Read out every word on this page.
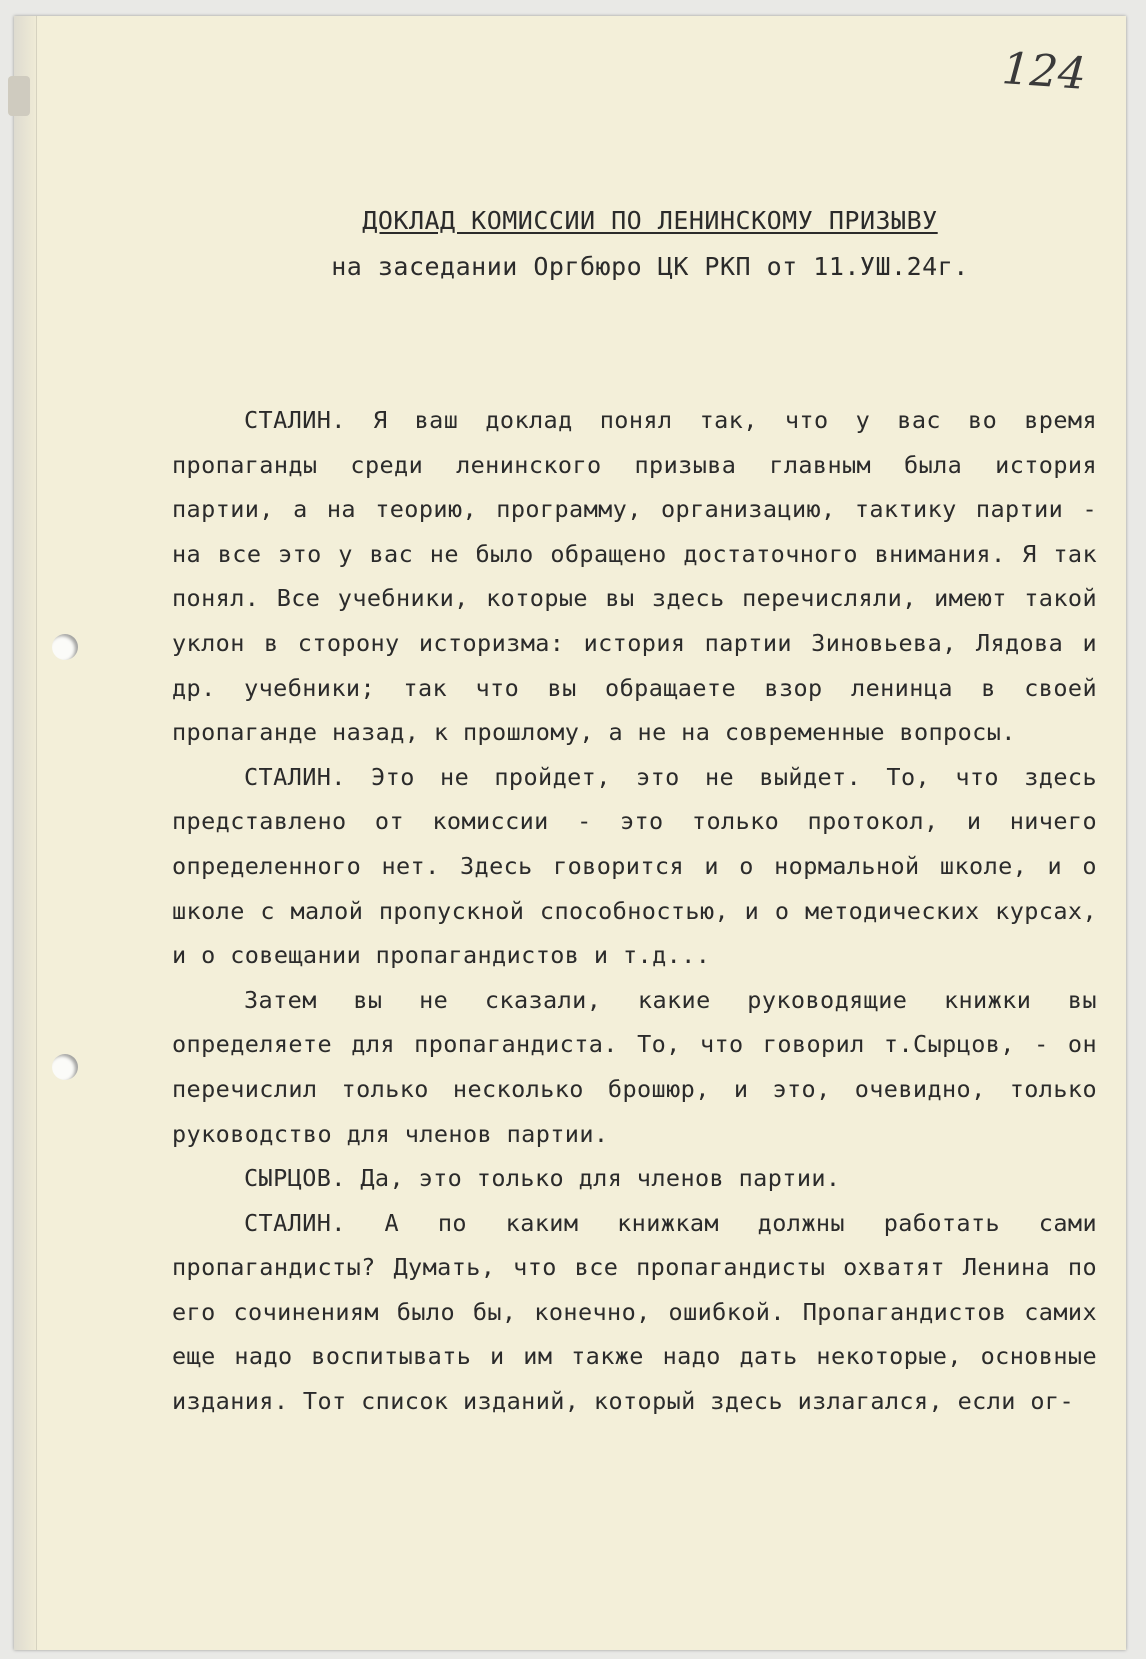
124
ДОКЛАД КОМИССИИ ПО ЛЕНИНСКОМУ ПРИЗЫВУ
на заседании Оргбюро ЦК РКП от 11.УШ.24г.

СТАЛИН. Я ваш доклад понял так, что у вас во время пропаганды среди ленинского призыва главным была история партии, а на теорию, программу, организацию, тактику партии - на все это у вас не было обращено достаточного внимания. Я так понял. Все учебники, которые вы здесь перечисляли, имеют такой уклон в сторону историзма: история партии Зиновьева, Лядова и др. учебники; так что вы обращаете взор ленинца в своей пропаганде назад, к прошлому, а не на современные вопросы.

СТАЛИН. Это не пройдет, это не выйдет. То, что здесь представлено от комиссии - это только протокол, и ничего определенного нет. Здесь говорится и о нормальной школе, и о школе с малой пропускной способностью, и о методических курсах, и о совещании пропагандистов и т.д...

Затем вы не сказали, какие руководящие книжки вы определяете для пропагандиста. То, что говорил т.Сырцов, - он перечислил только несколько брошюр, и это, очевидно, только руководство для членов партии.

СЫРЦОВ. Да, это только для членов партии.

СТАЛИН. А по каким книжкам должны работать сами пропагандисты? Думать, что все пропагандисты охватят Ленина по его сочинениям было бы, конечно, ошибкой. Пропагандистов самих еще надо воспитывать и им также надо дать некоторые, основные издания. Тот список изданий, который здесь излагался, если ог-
